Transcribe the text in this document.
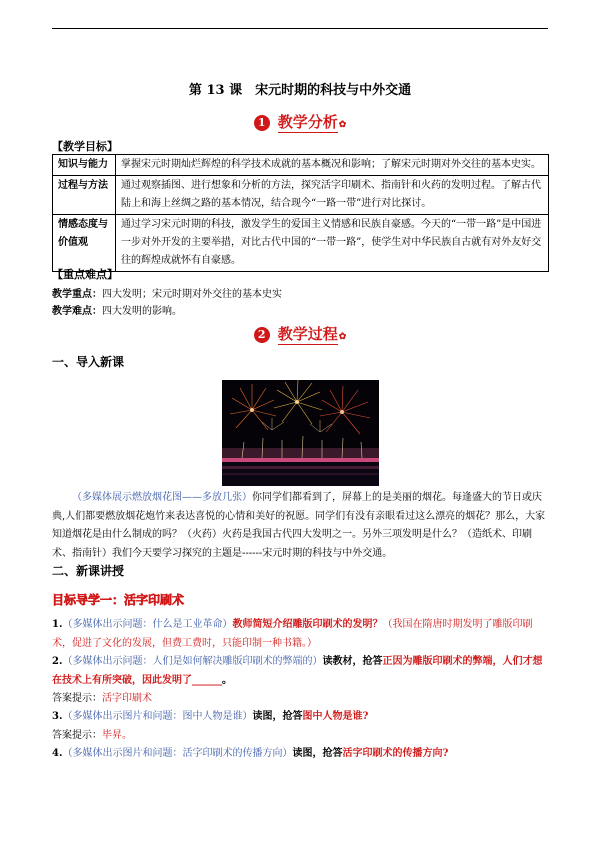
第 13 课　宋元时期的科技与中外交通
1 教学分析✿
【教学目标】
知识与能力	掌握宋元时期灿烂辉煌的科学技术成就的基本概况和影响；了解宋元时期对外交往的基本史实。
过程与方法	通过观察插图、进行想象和分析的方法，探究活字印刷术、指南针和火药的发明过程。了解古代陆上和海上丝绸之路的基本情况，结合现今“一路一带”进行对比探讨。
情感态度与价值观	通过学习宋元时期的科技，激发学生的爱国主义情感和民族自豪感。今天的“一带一路”是中国进一步对外开发的主要举措，对比古代中国的“一带一路”，使学生对中华民族自古就有对外友好交往的辉煌成就怀有自豪感。
【重点难点】
教学重点：四大发明；宋元时期对外交往的基本史实
教学难点：四大发明的影响。
2 教学过程✿
一、导入新课
（多媒体展示燃放烟花图——多放几张）你同学们都看到了，屏幕上的是美丽的烟花。每逢盛大的节日或庆典,人们都要燃放烟花炮竹来表达喜悦的心情和美好的祝愿。同学们有没有亲眼看过这么漂亮的烟花？那么，大家知道烟花是由什么制成的吗？（火药）火药是我国古代四大发明之一。另外三项发明是什么？（造纸术、印刷术、指南针）我们今天要学习探究的主题是------宋元时期的科技与中外交通。
二、新课讲授
目标导学一：活字印刷术
1.（多媒体出示问题：什么是工业革命）教师简短介绍雕版印刷术的发明？（我国在隋唐时期发明了雕版印刷术，促进了文化的发展，但费工费时，只能印制一种书籍。）
2.（多媒体出示问题：人们是如何解决雕版印刷术的弊端的）读教材，抢答正因为雕版印刷术的弊端，人们才想在技术上有所突破，因此发明了______。
答案提示：活字印刷术
3.（多媒体出示图片和问题：图中人物是谁）读图，抢答图中人物是谁?
答案提示：毕昇。
4.（多媒体出示图片和问题：活字印刷术的传播方向）读图，抢答活字印刷术的传播方向?
